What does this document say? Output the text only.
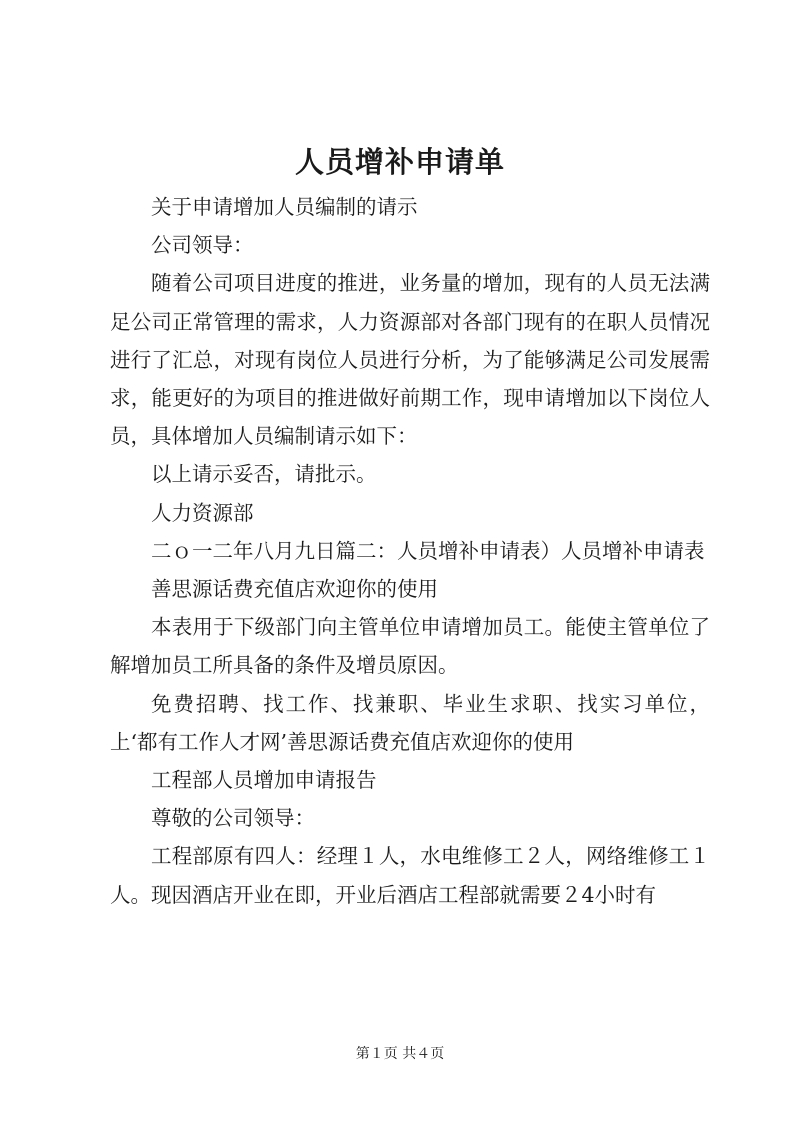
人员增补申请单

关于申请增加人员编制的请示

公司领导：

随着公司项目进度的推进，业务量的增加，现有的人员无法满足公司正常管理的需求，人力资源部对各部门现有的在职人员情况进行了汇总，对现有岗位人员进行分析，为了能够满足公司发展需求，能更好的为项目的推进做好前期工作，现申请增加以下岗位人员，具体增加人员编制请示如下：

以上请示妥否，请批示。

人力资源部

二ｏ一二年八月九日篇二：人员增补申请表）人员增补申请表

善思源话费充值店欢迎你的使用

本表用于下级部门向主管单位申请增加员工。能使主管单位了解增加员工所具备的条件及增员原因。

免费招聘、找工作、找兼职、毕业生求职、找实习单位，上‘都有工作人才网’善思源话费充值店欢迎你的使用

工程部人员增加申请报告

尊敬的公司领导：

工程部原有四人：经理１人，水电维修工２人，网络维修工１人。现因酒店开业在即，开业后酒店工程部就需要２4小时有

第１页 共４页
